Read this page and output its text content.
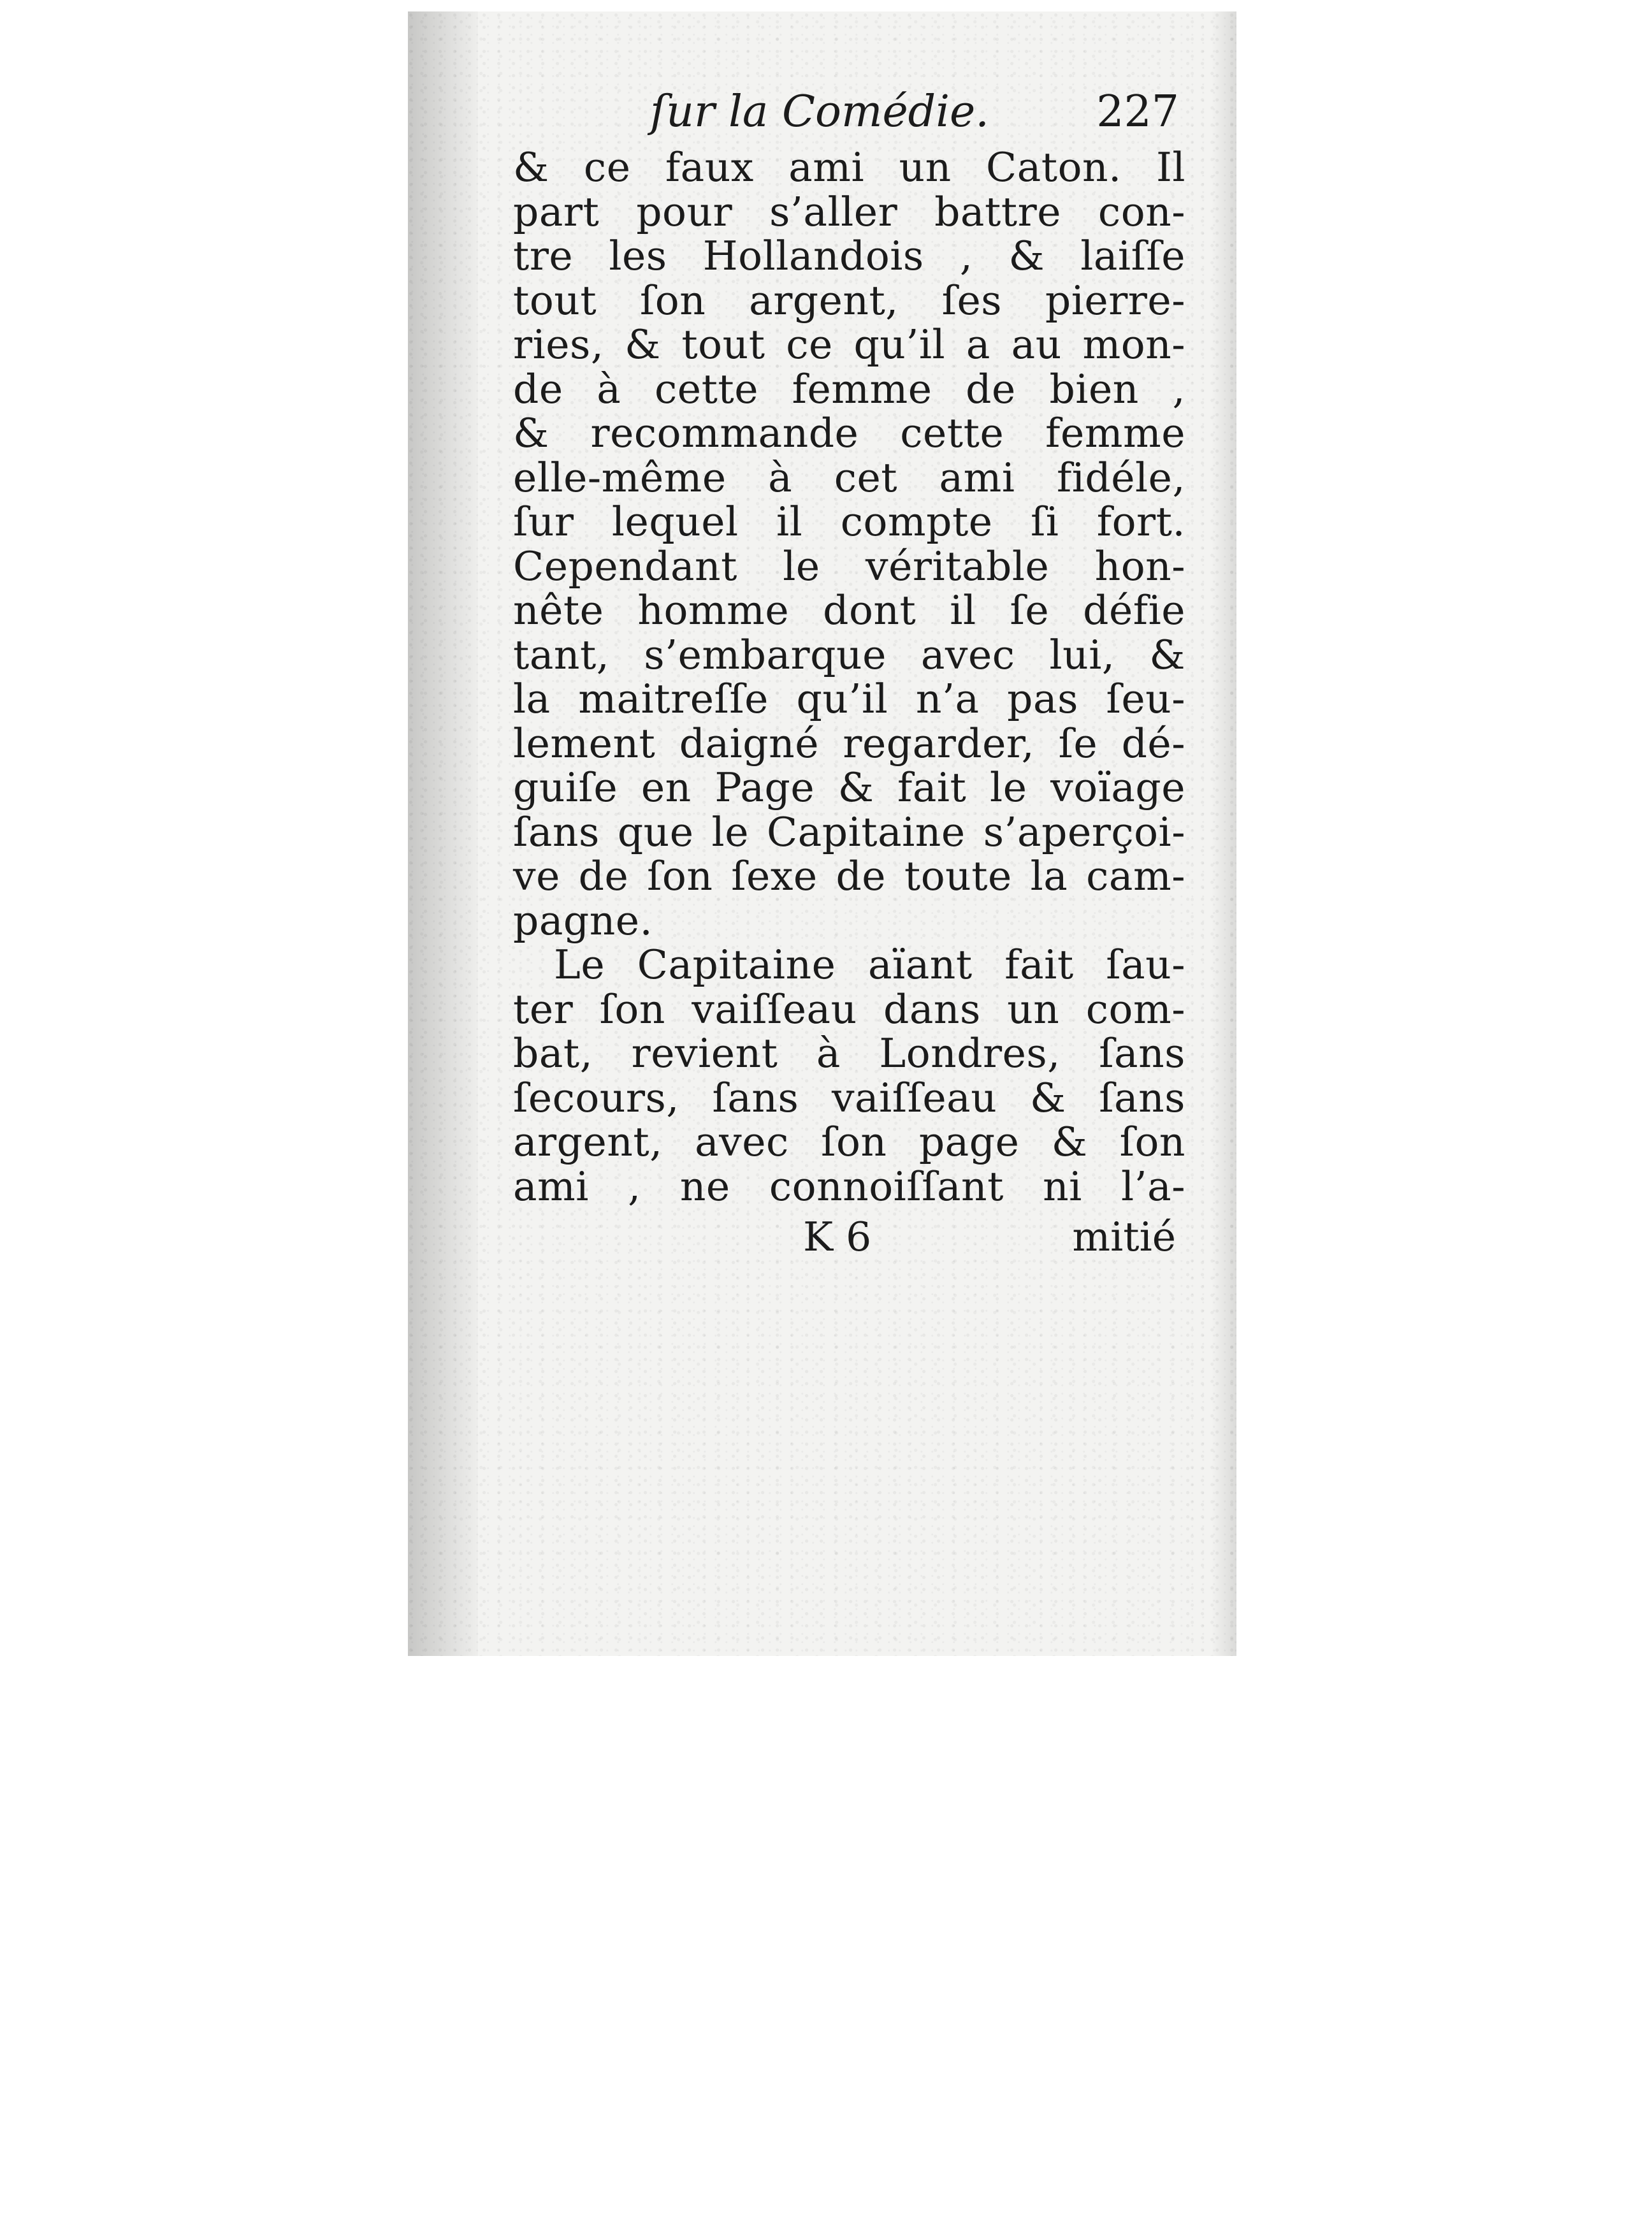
ſur la Comédie. 227
& ce faux ami un Caton. Il
part pour s’aller battre con-
tre les Hollandois , & laiſſe
tout ſon argent, ſes pierre-
ries, & tout ce qu’il a au mon-
de à cette femme de bien ,
& recommande cette femme
elle-même à cet ami fidéle,
ſur lequel il compte ſi fort.
Cependant le véritable hon-
nête homme dont il ſe défie
tant, s’embarque avec lui, &
la maitreſſe qu’il n’a pas ſeu-
lement daigné regarder, ſe dé-
guiſe en Page & fait le voïage
ſans que le Capitaine s’aperçoi-
ve de ſon ſexe de toute la cam-
pagne.
Le Capitaine aïant fait ſau-
ter ſon vaiſſeau dans un com-
bat, revient à Londres, ſans
ſecours, ſans vaiſſeau & ſans
argent, avec ſon page & ſon
ami , ne connoiſſant ni l’a-
K 6	mitié
